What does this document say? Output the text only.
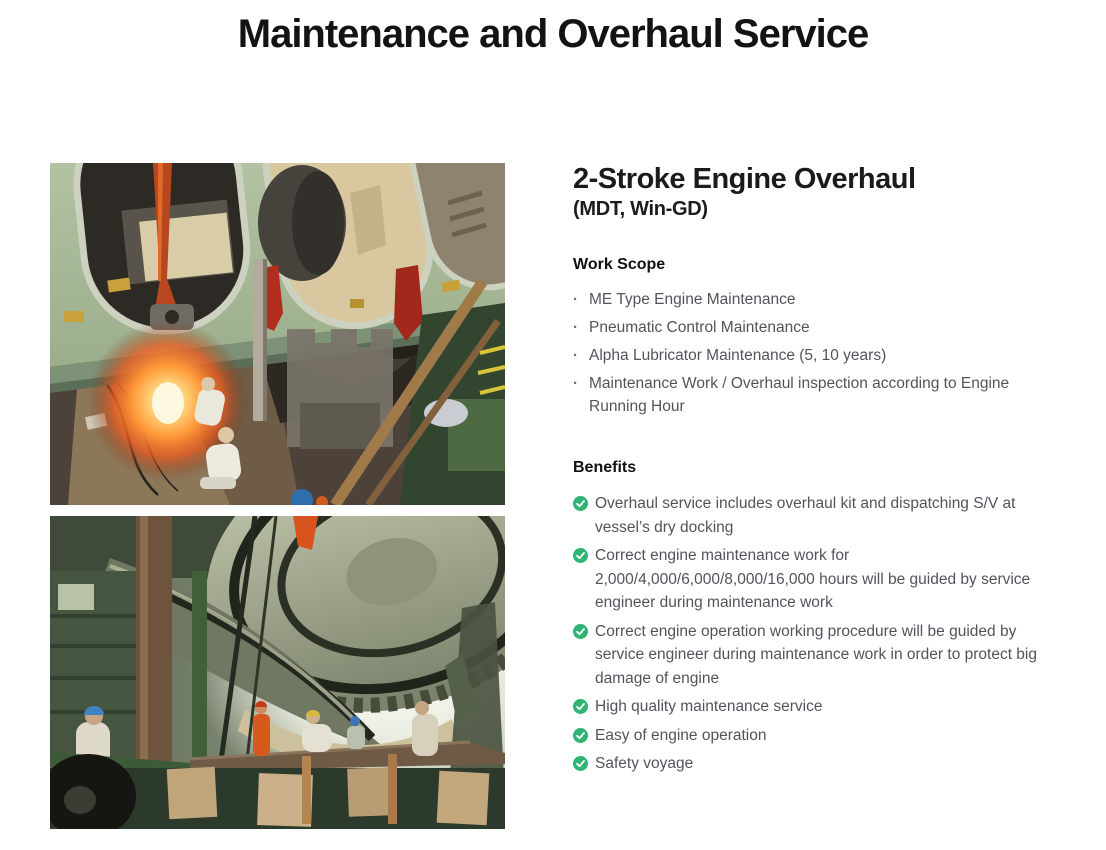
Maintenance and Overhaul Service
2-Stroke Engine Overhaul
(MDT, Win-GD)
Work Scope
· ME Type Engine Maintenance
· Pneumatic Control Maintenance
· Alpha Lubricator Maintenance (5, 10 years)
· Maintenance Work / Overhaul inspection according to Engine Running Hour
Benefits
Overhaul service includes overhaul kit and dispatching S/V at vessel’s dry docking
Correct engine maintenance work for 2,000/4,000/6,000/8,000/16,000 hours will be guided by service engineer during maintenance work
Correct engine operation working procedure will be guided by service engineer during maintenance work in order to protect big damage of engine
High quality maintenance service
Easy of engine operation
Safety voyage
